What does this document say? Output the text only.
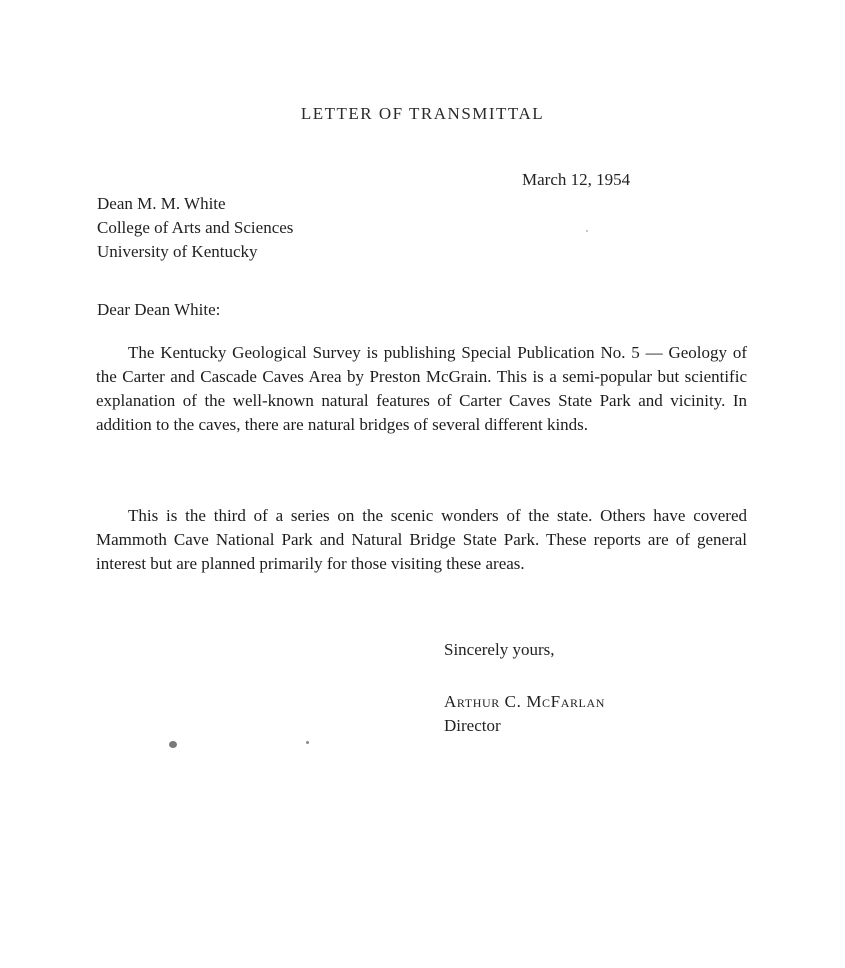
LETTER OF TRANSMITTAL
March 12, 1954
Dean M. M. White
College of Arts and Sciences
University of Kentucky
Dear Dean White:

The Kentucky Geological Survey is publishing Special Publication No. 5 — Geology of the Carter and Cascade Caves Area by Preston McGrain. This is a semi-popular but scientific explanation of the well-known natural features of Carter Caves State Park and vicinity. In addition to the caves, there are natural bridges of several different kinds.

This is the third of a series on the scenic wonders of the state. Others have covered Mammoth Cave National Park and Natural Bridge State Park. These reports are of general interest but are planned primarily for those visiting these areas.

Sincerely yours,
Arthur C. McFarlan
Director
